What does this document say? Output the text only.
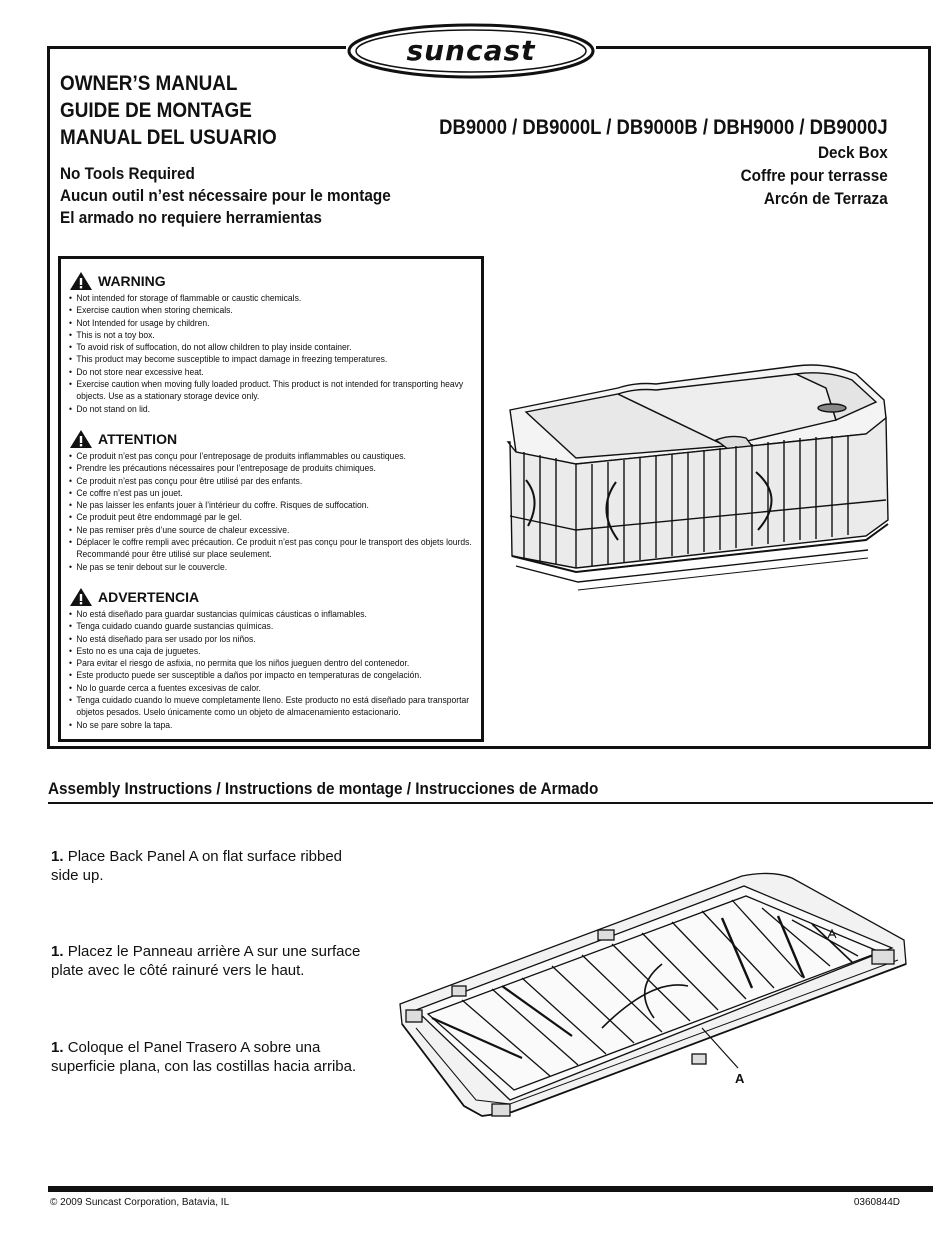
suncast
OWNER’S MANUAL
GUIDE DE MONTAGE
MANUAL DEL USUARIO
No Tools Required
Aucun outil n’est nécessaire pour le montage
El armado no requiere herramientas
DB9000 / DB9000L / DB9000B / DBH9000 / DB9000J
Deck Box
Coffre pour terrasse
Arcón de Terraza
WARNING
• Not intended for storage of flammable or caustic chemicals.
• Exercise caution when storing chemicals.
• Not Intended for usage by children.
• This is not a toy box.
• To avoid risk of suffocation, do not allow children to play inside container.
• This product may become susceptible to impact damage in freezing temperatures.
• Do not store near excessive heat.
• Exercise caution when moving fully loaded product. This product is not intended for transporting heavy objects. Use as a stationary storage device only.
• Do not stand on lid.
ATTENTION
• Ce produit n’est pas conçu pour l’entreposage de produits inflammables ou caustiques.
• Prendre les précautions nécessaires pour l’entreposage de produits chimiques.
• Ce produit n’est pas conçu pour être utilisé par des enfants.
• Ce coffre n’est pas un jouet.
• Ne pas laisser les enfants jouer à l’intérieur du coffre. Risques de suffocation.
• Ce produit peut être endommagé par le gel.
• Ne pas remiser près d’une source de chaleur excessive.
• Déplacer le coffre rempli avec précaution. Ce produit n’est pas conçu pour le transport des objets lourds. Recommandé pour être utilisé sur place seulement.
• Ne pas se tenir debout sur le couvercle.
ADVERTENCIA
• No está diseñado para guardar sustancias químicas cáusticas o inflamables.
• Tenga cuidado cuando guarde sustancias químicas.
• No está diseñado para ser usado por los niños.
• Esto no es una caja de juguetes.
• Para evitar el riesgo de asfixia, no permita que los niños jueguen dentro del contenedor.
• Este producto puede ser susceptible a daños por impacto en temperaturas de congelación.
• No lo guarde cerca a fuentes excesivas de calor.
• Tenga cuidado cuando lo mueve completamente lleno. Este producto no está diseñado para transportar objetos pesados. Uselo únicamente como un objeto de almacenamiento estacionario.
• No se pare sobre la tapa.
Assembly Instructions / Instructions de montage / Instrucciones de Armado
1. Place Back Panel A on flat surface ribbed side up.
1. Placez le Panneau arrière A sur une surface plate avec le côté rainuré vers le haut.
1. Coloque el Panel Trasero A sobre una superficie plana, con las costillas hacia arriba.
A
© 2009 Suncast Corporation, Batavia, IL	0360844D
